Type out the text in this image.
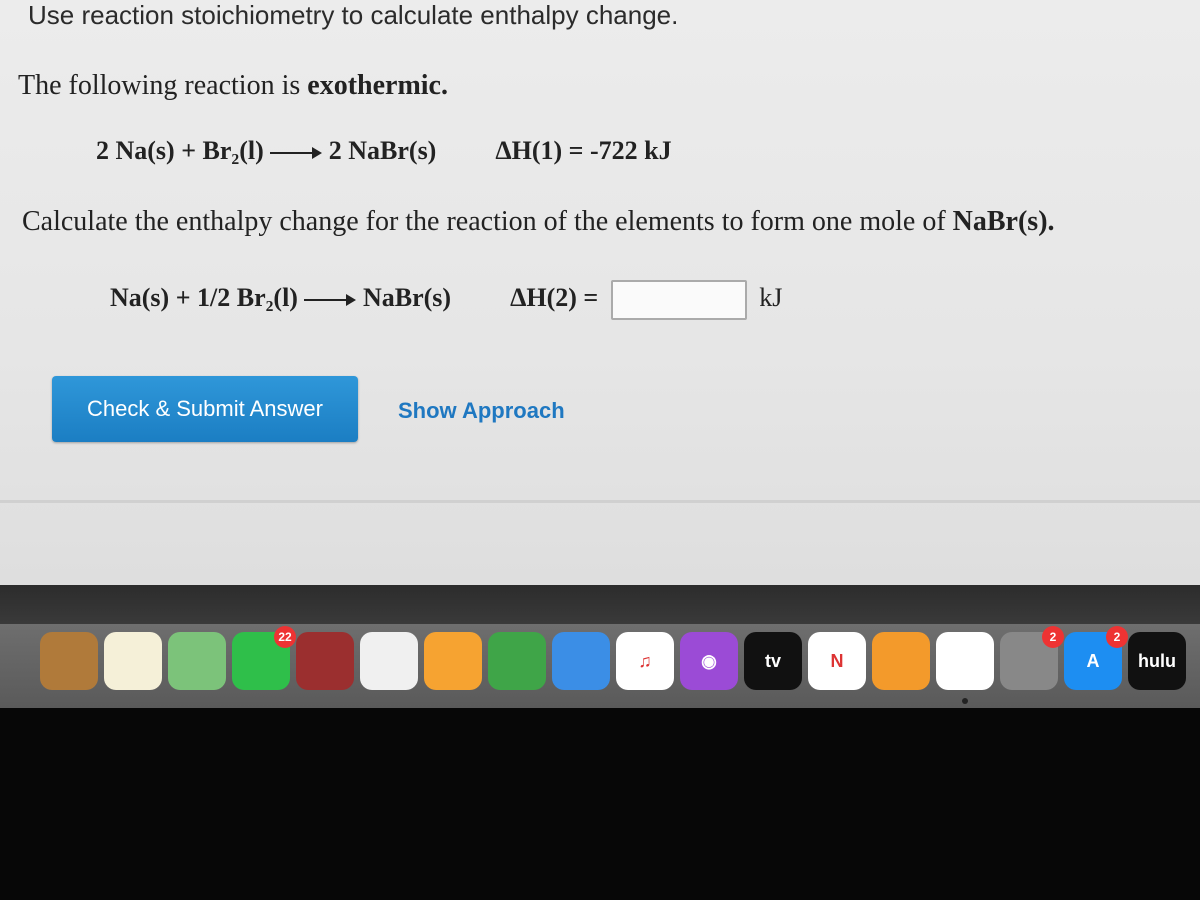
Use reaction stoichiometry to calculate enthalpy change.
The following reaction is exothermic.
2 Na(s) + Br₂(l)	2 NaBr(s) ΔH(1) = -722 kJ
Calculate the enthalpy change for the reaction of the elements to form one mole of NaBr(s).
Na(s) + 1/2 Br₂(l)	NaBr(s) ΔH(2) =	kJ
Check & Submit Answer	Show Approach
22
♫	◉	tv	N
2
A
2
hulu
